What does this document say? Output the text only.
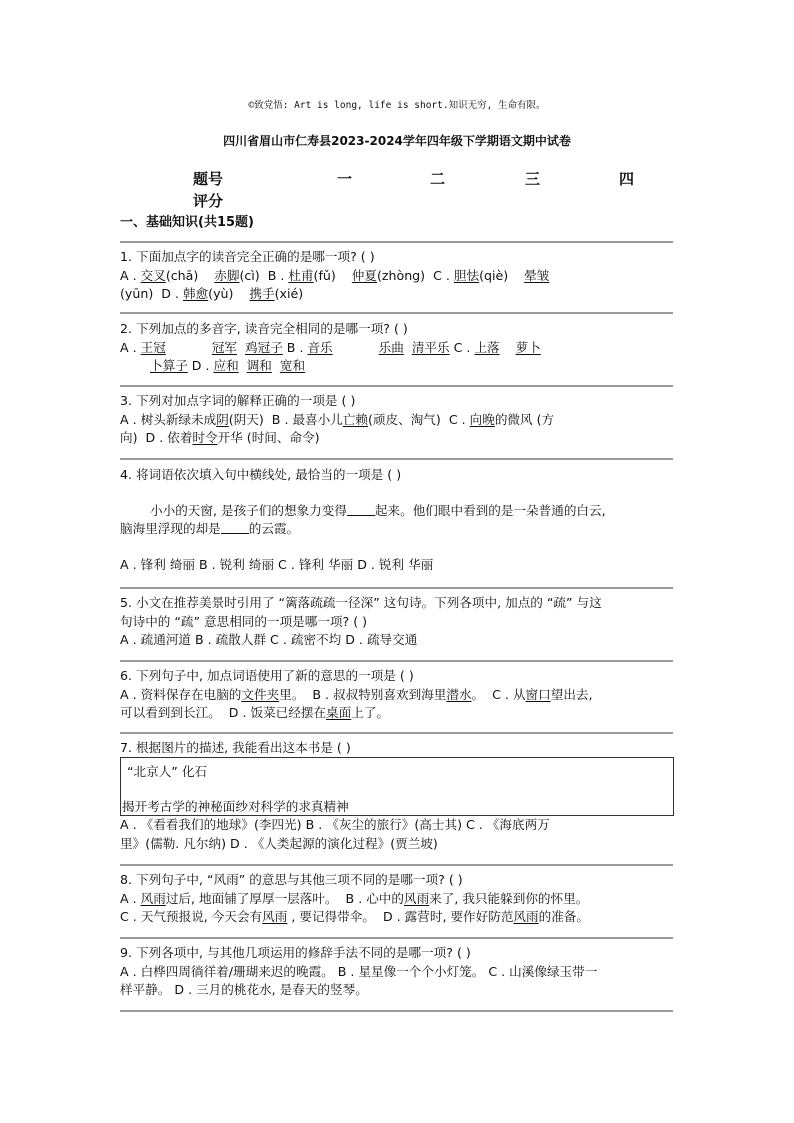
©致党悟: Art is long, life is short.知识无穷, 生命有限。
四川省眉山市仁寿县2023-2024学年四年级下学期语文期中试卷
题号	一	二	三	四
评分
一、基础知识(共15题)
1. 下面加点字的读音完全正确的是哪一项? ( )
A . 交叉(chā) 赤脚(cì) B . 杜甫(fǔ) 仲夏(zhòng) C . 胆怯(qiè) 晕皱
(yūn) D . 韩愈(yù) 携手(xié)
2. 下列加点的多音字, 读音完全相同的是哪一项? ( )
A . 王冠	冠军 鸡冠子 B . 音乐	乐曲 清平乐 C . 上落 萝卜
卜算子 D . 应和 调和 宽和
3. 下列对加点字词的解释正确的一项是 ( )
A . 树头新绿未成阴(阴天) B . 最喜小儿亡赖(顽皮、淘气) C . 向晚的微风 (方
向) D . 依着时令开华 (时间、命令)
4. 将词语依次填入句中横线处, 最恰当的一项是 ( )
小小的天窗, 是孩子们的想象力变得 起来。他们眼中看到的是一朵普通的白云,
脑海里浮现的却是 的云霞。
A . 锋利 绮丽 B . 锐利 绮丽 C . 锋利 华丽 D . 锐利 华丽
5. 小文在推荐美景时引用了 “篱落疏疏一径深” 这句诗。下列各项中, 加点的 “疏” 与这
句诗中的 “疏” 意思相同的一项是哪一项? ( )
A . 疏通河道 B . 疏散人群 C . 疏密不均 D . 疏导交通
6. 下列句子中, 加点词语使用了新的意思的一项是 ( )
A . 资料保存在电脑的文件夹里。 B . 叔叔特别喜欢到海里潜水。 C . 从窗口望出去,
可以看到到长江。 D . 饭菜已经摆在桌面上了。
7. 根据图片的描述, 我能看出这本书是 ( )
“北京人” 化石
揭开考古学的神秘面纱对科学的求真精神
A . 《看看我们的地球》(李四光) B . 《灰尘的旅行》(高士其) C . 《海底两万
里》(儒勒. 凡尔纳) D . 《人类起源的演化过程》(贾兰坡)
8. 下列句子中, “风雨” 的意思与其他三项不同的是哪一项? ( )
A . 风雨过后, 地面铺了厚厚一层落叶。 B . 心中的风雨来了, 我只能躲到你的怀里。
C . 天气预报说, 今天会有风雨 , 要记得带伞。 D . 露营时, 要作好防范风雨的准备。
9. 下列各项中, 与其他几项运用的修辞手法不同的是哪一项? ( )
A . 白桦四周徜徉着/珊瑚来迟的晚霞。 B . 星星像一个个小灯笼。 C . 山溪像绿玉带一
样平静。 D . 三月的桃花水, 是春天的竖琴。
